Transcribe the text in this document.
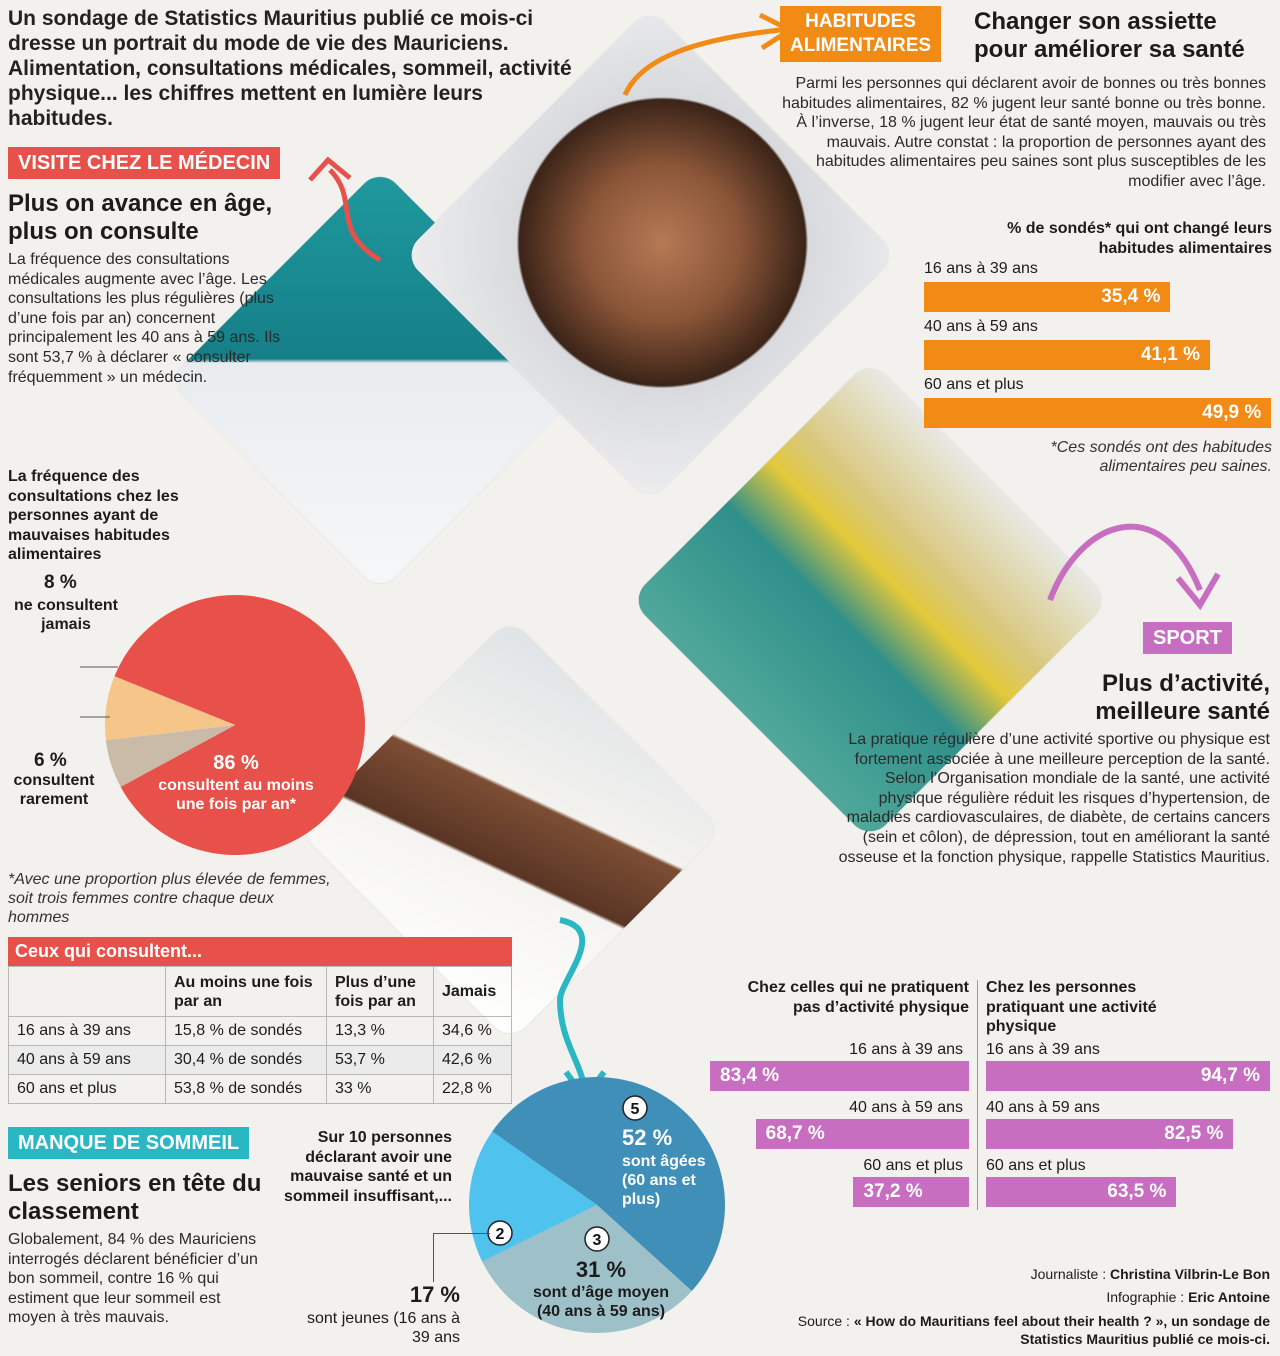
Un sondage de Statistics Mauritius publié ce mois-ci dresse un portrait du mode de vie des Mauriciens. Alimentation, consultations médicales, sommeil, activité physique... les chiffres mettent en lumière leurs habitudes.
VISITE CHEZ LE MÉDECIN
Plus on avance en âge, plus on consulte
La fréquence des consultations médicales augmente avec l’âge. Les consultations les plus régulières (plus d’une fois par an) concernent principalement les 40 ans à 59 ans. Ils sont 53,7 % à déclarer « consulter fréquemment » un médecin.
La fréquence des consultations chez les personnes ayant de mauvaises habitudes alimentaires
8 %
ne consultent jamais
6 %
consultent rarement
86 %
consultent au moins une fois par an*
*Avec une proportion plus élevée de femmes, soit trois femmes contre chaque deux hommes
Ceux qui consultent...
	Au moins une fois par an	Plus d’une fois par an	Jamais
16 ans à 39 ans	15,8 % de sondés	13,3 %	34,6 %
40 ans à 59 ans	30,4 % de sondés	53,7 %	42,6 %
60 ans et plus	53,8 % de sondés	33 %	22,8 %
MANQUE DE SOMMEIL
Les seniors en tête du classement
Globalement, 84 % des Mauriciens interrogés déclarent bénéficier d’un bon sommeil, contre 16 % qui estiment que leur sommeil est moyen à très mauvais.
Sur 10 personnes déclarant avoir une mauvaise santé et un sommeil insuffisant,...
5
3
2
52 %
sont âgées (60 ans et plus)
31 %
sont d’âge moyen (40 ans à 59 ans)
17 %
sont jeunes (16 ans à 39 ans
HABITUDES
ALIMENTAIRES
Changer son assiette pour améliorer sa santé
Parmi les personnes qui déclarent avoir de bonnes ou très bonnes habitudes alimentaires, 82 % jugent leur santé bonne ou très bonne. À l’inverse, 18 % jugent leur état de santé moyen, mauvais ou très mauvais. Autre constat : la proportion de personnes ayant des habitudes alimentaires peu saines sont plus susceptibles de les modifier avec l’âge.
% de sondés* qui ont changé leurs habitudes alimentaires
16 ans à 39 ans
35,4 %
40 ans à 59 ans
41,1 %
60 ans et plus
49,9 %
*Ces sondés ont des habitudes alimentaires peu saines.
SPORT
Plus d’activité, meilleure santé
La pratique régulière d’une activité sportive ou physique est fortement associée à une meilleure perception de la santé. Selon l’Organisation mondiale de la santé, une activité physique régulière réduit les risques d’hypertension, de maladies cardiovasculaires, de diabète, de certains cancers (sein et côlon), de dépression, tout en améliorant la santé osseuse et la fonction physique, rappelle Statistics Mauritius.
Chez celles qui ne pratiquent pas d’activité physique
Chez les personnes pratiquant une activité physique
16 ans à 39 ans
83,4 %
40 ans à 59 ans
68,7 %
60 ans et plus
37,2 %
16 ans à 39 ans
94,7 %
40 ans à 59 ans
82,5 %
60 ans et plus
63,5 %
Journaliste : Christina Vilbrin-Le Bon
Infographie : Eric Antoine
Source : « How do Mauritians feel about their health ? », un sondage de Statistics Mauritius publié ce mois-ci.
